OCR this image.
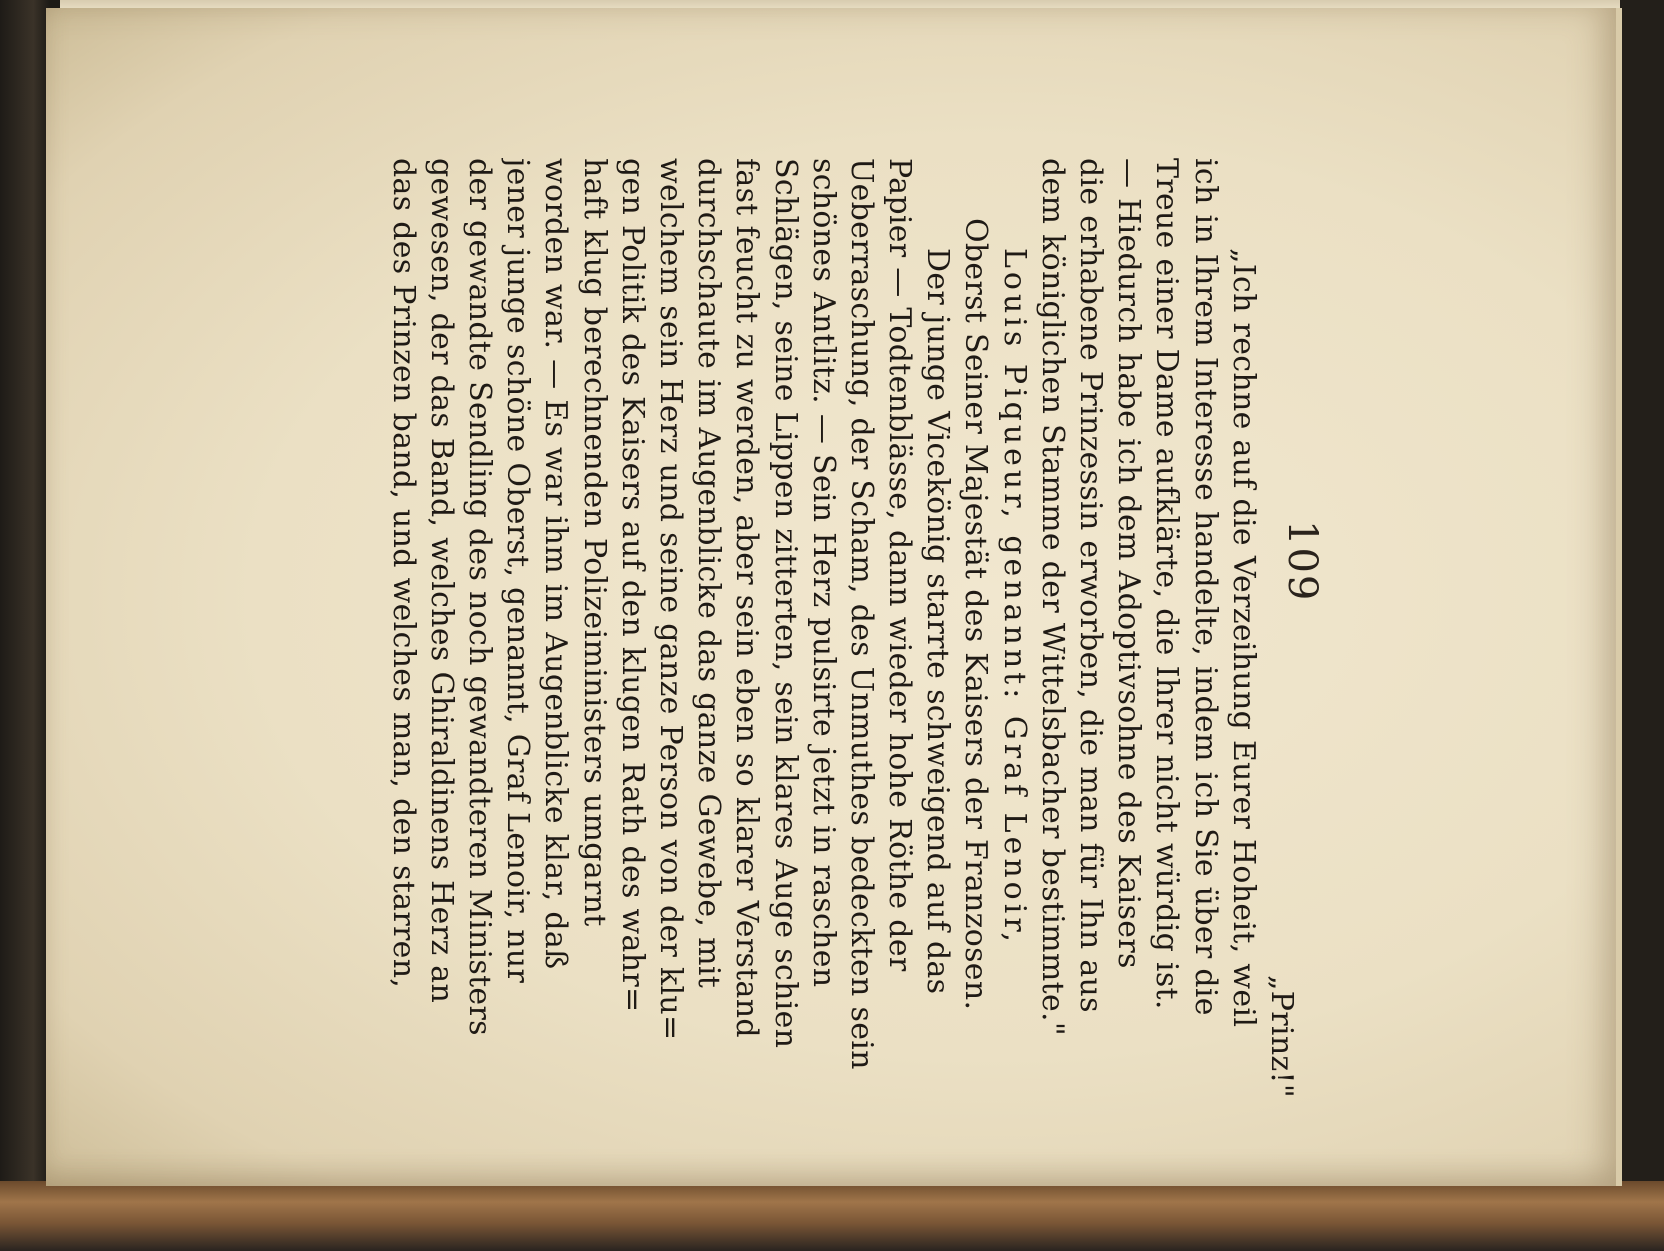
109
„Prinz!"
„Ich rechne auf die Verzeihung Eurer Hoheit, weil
ich in Ihrem Interesse handelte, indem ich Sie über die
Treue einer Dame aufklärte, die Ihrer nicht würdig ist.
— Hiedurch habe ich dem Adoptivsohne des Kaisers
die erhabene Prinzessin erworben, die man für Ihn aus
dem königlichen Stamme der Wittelsbacher bestimmte."
Louis Piqueur, genannt: Graf Lenoir,
Oberst Seiner Majestät des Kaisers der Franzosen.
Der junge Vicekönig starrte schweigend auf das
Papier — Todtenblässe, dann wieder hohe Röthe der
Ueberraschung, der Scham, des Unmuthes bedeckten sein
schönes Antlitz. — Sein Herz pulsirte jetzt in raschen
Schlägen, seine Lippen zitterten, sein klares Auge schien
fast feucht zu werden, aber sein eben so klarer Verstand
durchschaute im Augenblicke das ganze Gewebe, mit
welchem sein Herz und seine ganze Person von der klu=
gen Politik des Kaisers auf den klugen Rath des wahr=
haft klug berechnenden Polizeiministers umgarnt
worden war. — Es war ihm im Augenblicke klar, daß
jener junge schöne Oberst, genannt, Graf Lenoir, nur
der gewandte Sendling des noch gewandteren Ministers
gewesen, der das Band, welches Ghiraldinens Herz an
das des Prinzen band, und welches man, den starren,
